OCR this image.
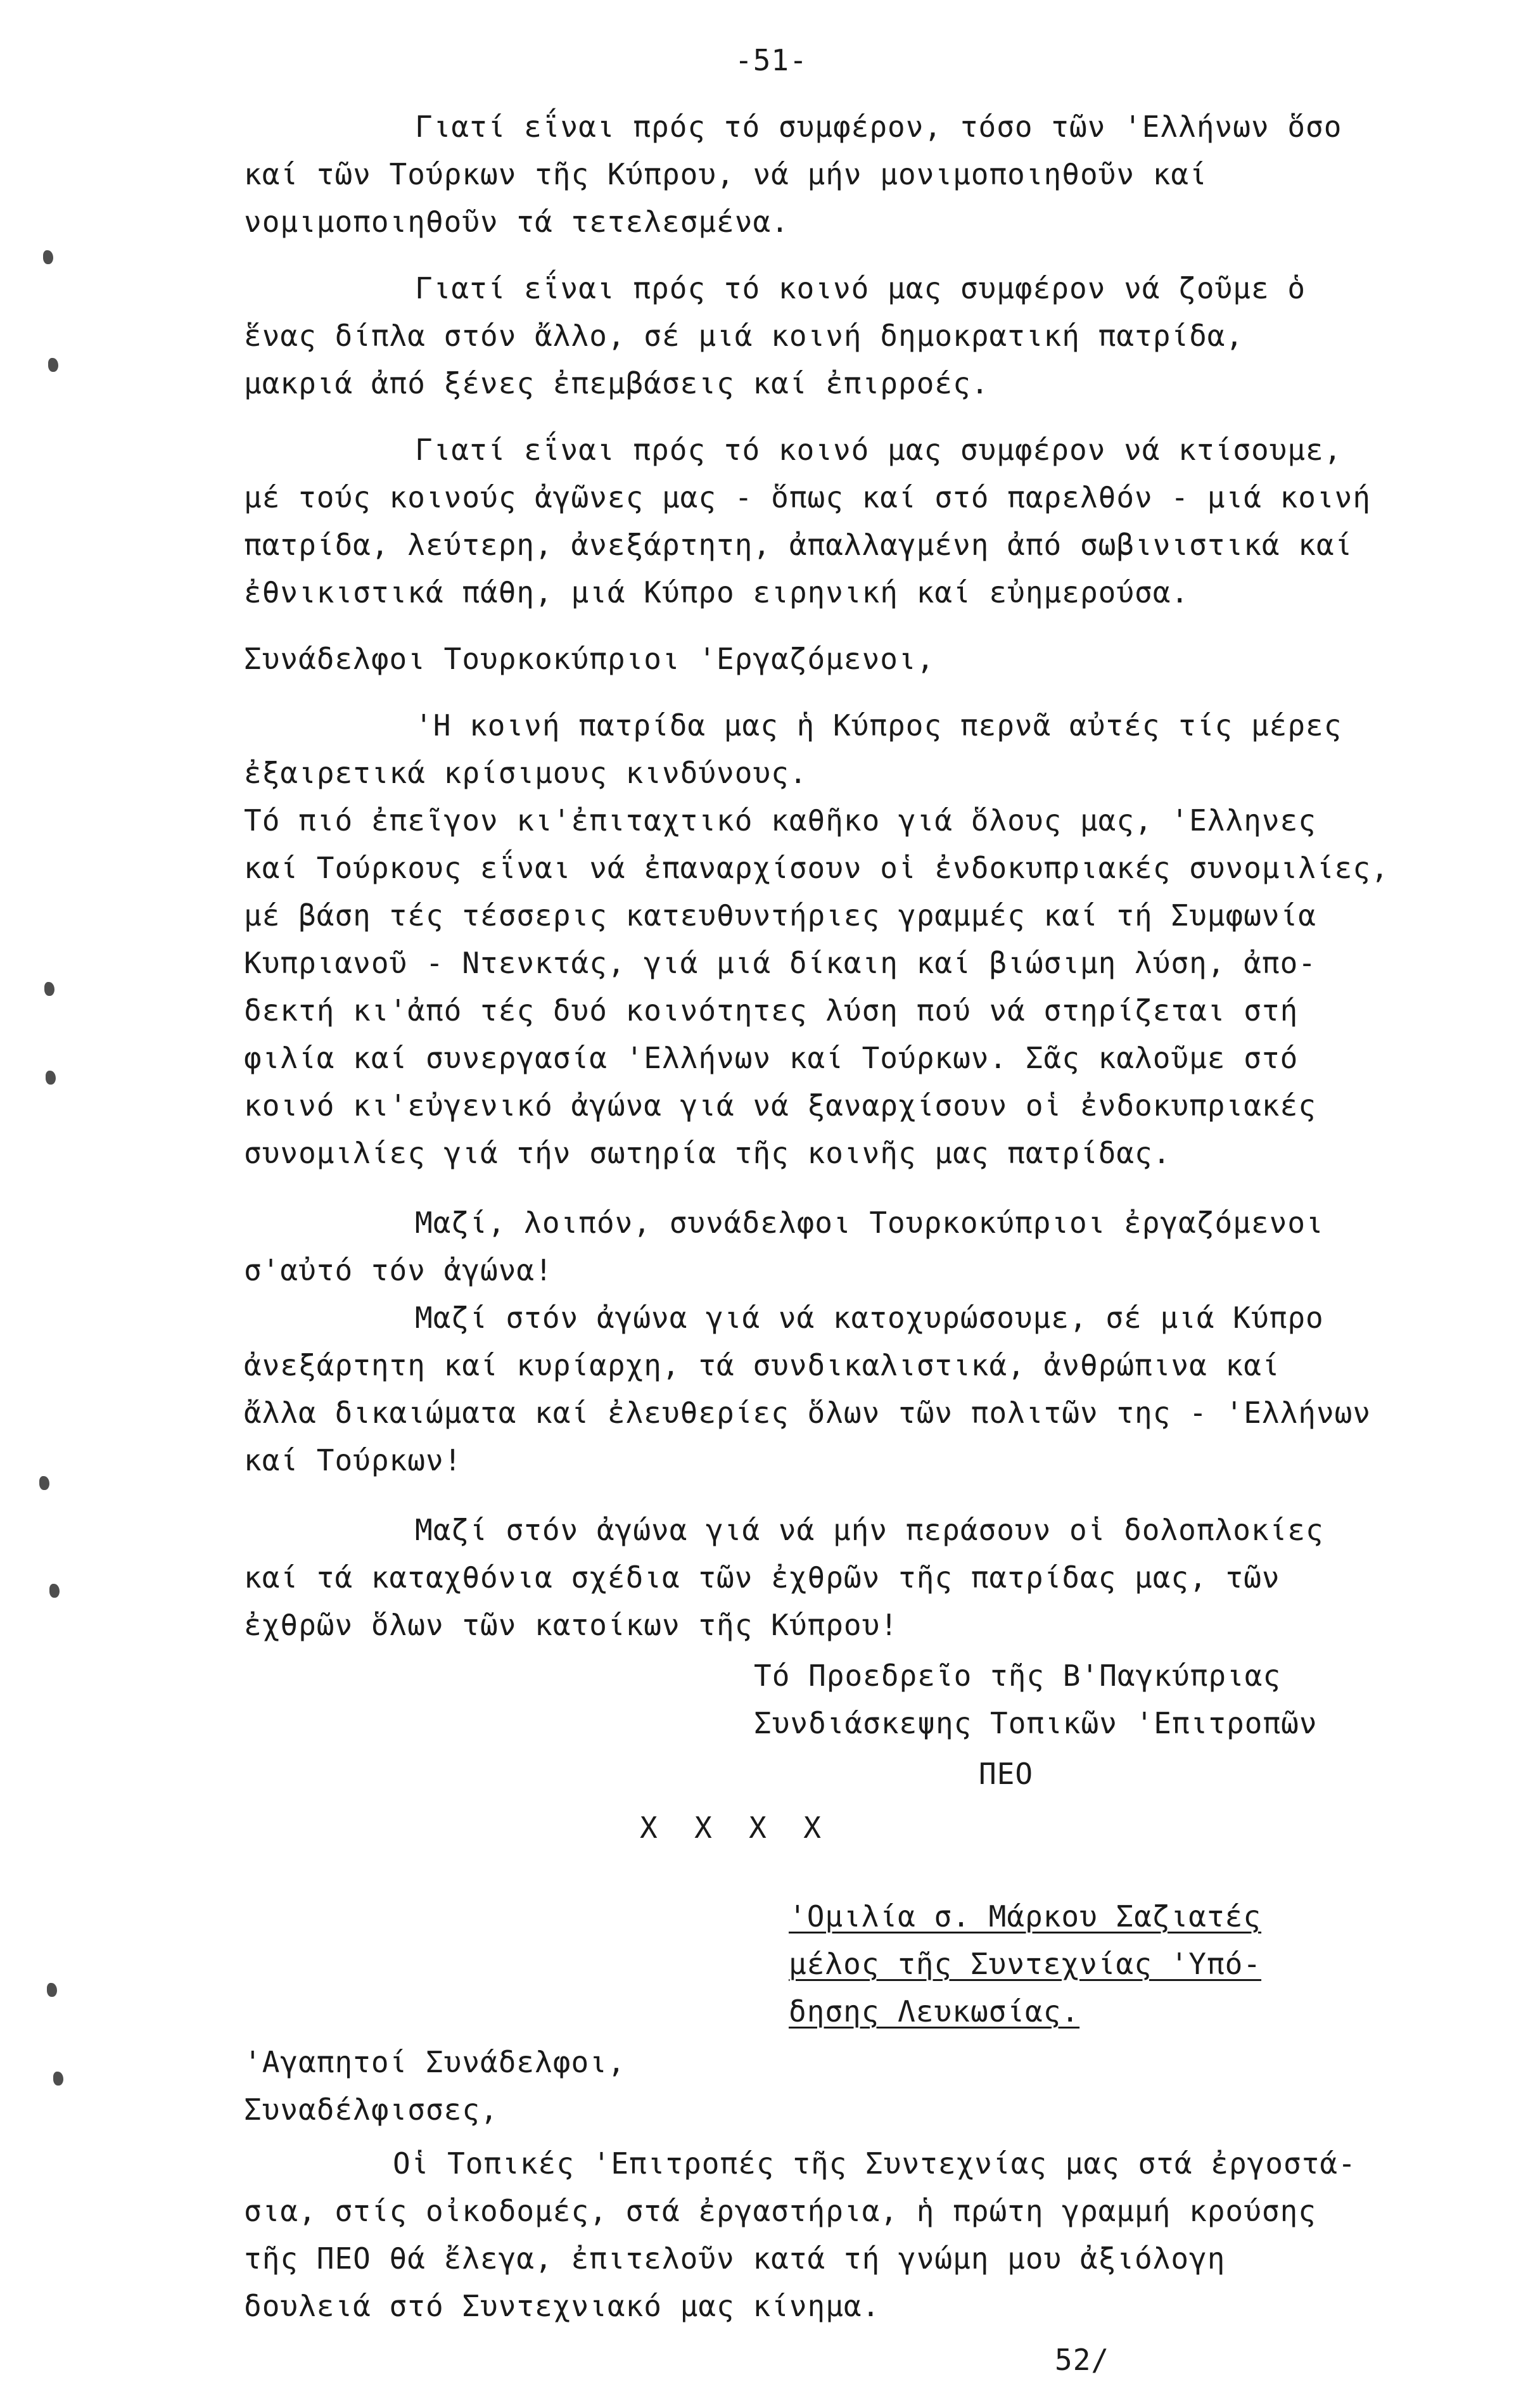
-51-
Γιατί εΐναι πρός τό συμφέρον, τόσο τῶν 'Ελλήνων ὅσο
καί τῶν Τούρκων τῆς Κύπρου, νά μήν μονιμοποιηθοῦν καί
νομιμοποιηθοῦν τά τετελεσμένα.
Γιατί εΐναι πρός τό κοινό μας συμφέρον νά ζοῦμε ὁ
ἕνας δίπλα στόν ἄλλο, σέ μιά κοινή δημοκρατική πατρίδα,
μακριά ἀπό ξένες ἐπεμβάσεις καί ἐπιρροές.
Γιατί εΐναι πρός τό κοινό μας συμφέρον νά κτίσουμε,
μέ τούς κοινούς ἀγῶνες μας - ὅπως καί στό παρελθόν - μιά κοινή
πατρίδα, λεύτερη, ἀνεξάρτητη, ἀπαλλαγμένη ἀπό σωβινιστικά καί
ἐθνικιστικά πάθη, μιά Κύπρο ειρηνική καί εὐημερούσα.
Συνάδελφοι Τουρκοκύπριοι 'Εργαζόμενοι,
'Η κοινή πατρίδα μας ἡ Κύπρος περνᾶ αὐτές τίς μέρες
ἐξαιρετικά κρίσιμους κινδύνους.
Τό πιό ἐπεῖγον κι'ἐπιταχτικό καθῆκο γιά ὅλους μας, 'Ελληνες
καί Τούρκους εΐναι νά ἐπαναρχίσουν οἱ ἐνδοκυπριακές συνομιλίες,
μέ βάση τές τέσσερις κατευθυντήριες γραμμές καί τή Συμφωνία
Κυπριανοῦ - Ντενκτάς, γιά μιά δίκαιη καί βιώσιμη λύση, ἀπο-
δεκτή κι'ἀπό τές δυό κοινότητες λύση πού νά στηρίζεται στή
φιλία καί συνεργασία 'Ελλήνων καί Τούρκων. Σᾶς καλοῦμε στό
κοινό κι'εὐγενικό ἀγώνα γιά νά ξαναρχίσουν οἱ ἐνδοκυπριακές
συνομιλίες γιά τήν σωτηρία τῆς κοινῆς μας πατρίδας.
Μαζί, λοιπόν, συνάδελφοι Τουρκοκύπριοι ἐργαζόμενοι
σ'αὐτό τόν ἀγώνα!
Μαζί στόν ἀγώνα γιά νά κατοχυρώσουμε, σέ μιά Κύπρο
ἀνεξάρτητη καί κυρίαρχη, τά συνδικαλιστικά, ἀνθρώπινα καί
ἄλλα δικαιώματα καί ἐλευθερίες ὅλων τῶν πολιτῶν της - 'Ελλήνων
καί Τούρκων!
Μαζί στόν ἀγώνα γιά νά μήν περάσουν οἱ δολοπλοκίες
καί τά καταχθόνια σχέδια τῶν ἐχθρῶν τῆς πατρίδας μας, τῶν
ἐχθρῶν ὅλων τῶν κατοίκων τῆς Κύπρου!
Τό Προεδρεῖο τῆς Β'Παγκύπριας
Συνδιάσκεψης Τοπικῶν 'Επιτροπῶν
ΠΕΟ
X  X  X  X
'Ομιλία σ. Μάρκου Σαζιατές
μέλος τῆς Συντεχνίας 'Υπό-
δησης Λευκωσίας.
'Αγαπητοί Συνάδελφοι,
Συναδέλφισσες,
Οἱ Τοπικές 'Επιτροπές τῆς Συντεχνίας μας στά ἐργοστά-
σια, στίς οἰκοδομές, στά ἐργαστήρια, ἡ πρώτη γραμμή κρούσης
τῆς ΠΕΟ θά ἔλεγα, ἐπιτελοῦν κατά τή γνώμη μου ἀξιόλογη
δουλειά στό Συντεχνιακό μας κίνημα.
52/
